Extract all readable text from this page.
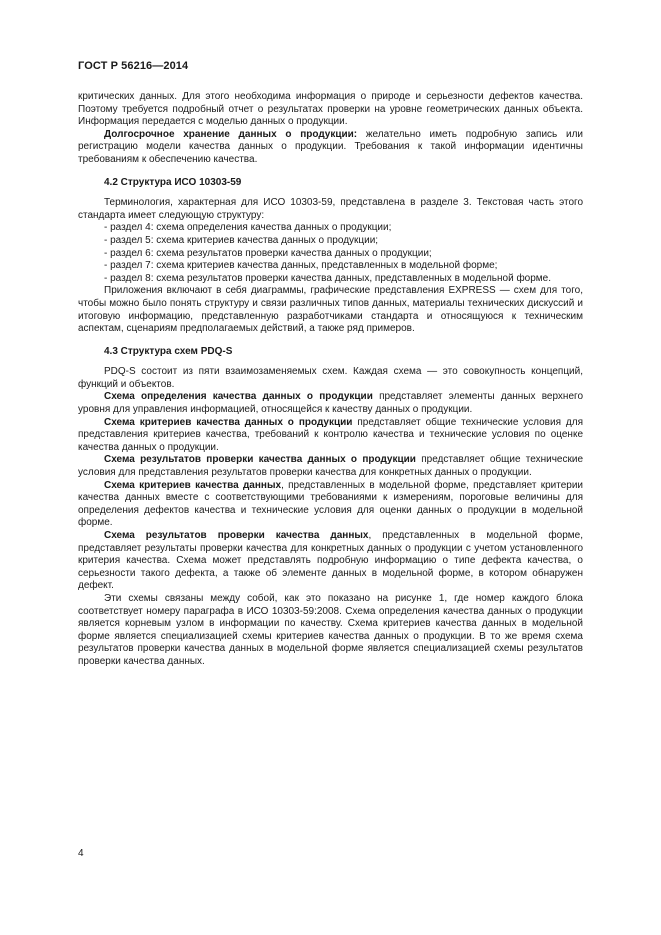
ГОСТ Р 56216—2014

критических данных. Для этого необходима информация о природе и серьезности дефектов качества. Поэтому требуется подробный отчет о результатах проверки на уровне геометрических данных объекта. Информация передается с моделью данных о продукции.

Долгосрочное хранение данных о продукции: желательно иметь подробную запись или регистрацию модели качества данных о продукции. Требования к такой информации идентичны требованиям к обеспечению качества.

4.2 Структура ИСО 10303-59

Терминология, характерная для ИСО 10303-59, представлена в разделе 3. Текстовая часть этого стандарта имеет следующую структуру:

- раздел 4: схема определения качества данных о продукции;
- раздел 5: схема критериев качества данных о продукции;
- раздел 6: схема результатов проверки качества данных о продукции;
- раздел 7: схема критериев качества данных, представленных в модельной форме;
- раздел 8: схема результатов проверки качества данных, представленных в модельной форме.

Приложения включают в себя диаграммы, графические представления EXPRESS — схем для того, чтобы можно было понять структуру и связи различных типов данных, материалы технических дискуссий и итоговую информацию, представленную разработчиками стандарта и относящуюся к техническим аспектам, сценариям предполагаемых действий, а также ряд примеров.

4.3 Структура схем PDQ-S

PDQ-S состоит из пяти взаимозаменяемых схем. Каждая схема — это совокупность концепций, функций и объектов.

Схема определения качества данных о продукции представляет элементы данных верхнего уровня для управления информацией, относящейся к качеству данных о продукции.

Схема критериев качества данных о продукции представляет общие технические условия для представления критериев качества, требований к контролю качества и технические условия по оценке качества данных о продукции.

Схема результатов проверки качества данных о продукции представляет общие технические условия для представления результатов проверки качества для конкретных данных о продукции.

Схема критериев качества данных, представленных в модельной форме, представляет критерии качества данных вместе с соответствующими требованиями к измерениям, пороговые величины для определения дефектов качества и технические условия для оценки данных о продукции в модельной форме.

Схема результатов проверки качества данных, представленных в модельной форме, представляет результаты проверки качества для конкретных данных о продукции с учетом установленного критерия качества. Схема может представлять подробную информацию о типе дефекта качества, о серьезности такого дефекта, а также об элементе данных в модельной форме, в котором обнаружен дефект.

Эти схемы связаны между собой, как это показано на рисунке 1, где номер каждого блока соответствует номеру параграфа в ИСО 10303-59:2008. Схема определения качества данных о продукции является корневым узлом в информации по качеству. Схема критериев качества данных в модельной форме является специализацией схемы критериев качества данных о продукции. В то же время схема результатов проверки качества данных в модельной форме является специализацией схемы результатов проверки качества данных.

4
